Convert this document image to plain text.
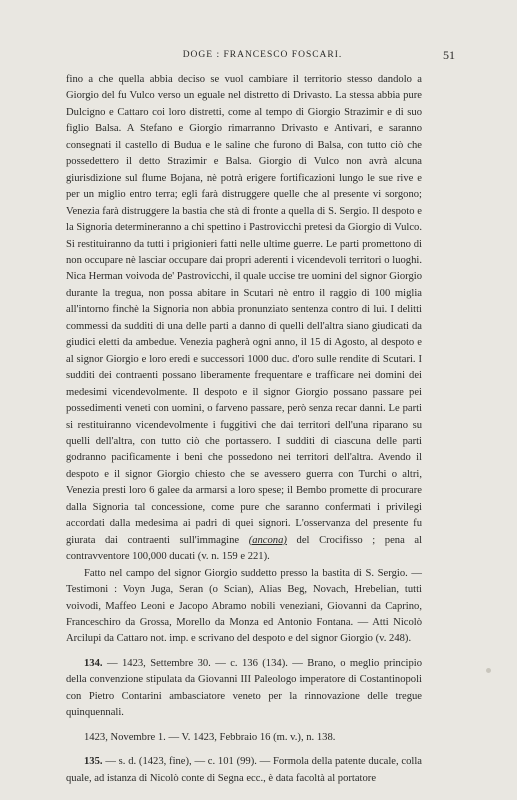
DOGE : FRANCESCO FOSCARI.	51

fino a che quella abbia deciso se vuol cambiare il territorio stesso dandolo a Giorgio del fu Vulco verso un eguale nel distretto di Drivasto. La stessa abbia pure Dulcigno e Cattaro coi loro distretti, come al tempo di Giorgio Strazimir e di suo figlio Balsa. A Stefano e Giorgio rimarranno Drivasto e Antivari, e saranno consegnati il castello di Budua e le saline che furono di Balsa, con tutto ciò che possedettero il detto Strazimir e Balsa. Giorgio di Vulco non avrà alcuna giurisdizione sul flume Bojana, nè potrà erigere fortificazioni lungo le sue rive e per un miglio entro terra; egli farà distruggere quelle che al presente vi sorgono; Venezia farà distruggere la bastia che stà di fronte a quella di S. Sergio. Il despoto e la Signoria determineranno a chi spettino i Pastrovicchi pretesi da Giorgio di Vulco. Si restituiranno da tutti i prigionieri fatti nelle ultime guerre. Le parti promettono di non occupare nè lasciar occupare dai propri aderenti i vicendevoli territori o luoghi. Nica Herman voivoda de' Pastrovicchi, il quale uccise tre uomini del signor Giorgio durante la tregua, non possa abitare in Scutari nè entro il raggio di 100 miglia all'intorno finchè la Signoria non abbia pronunziato sentenza contro di lui. I delitti commessi da sudditi di una delle parti a danno di quelli dell'altra siano giudicati da giudici eletti da ambedue. Venezia pagherà ogni anno, il 15 di Agosto, al despoto e al signor Giorgio e loro eredi e successori 1000 duc. d'oro sulle rendite di Scutari. I sudditi dei contraenti possano liberamente frequentare e trafficare nei domini dei medesimi vicendevolmente. Il despoto e il signor Giorgio possano passare pei possedimenti veneti con uomini, o farveno passare, però senza recar danni. Le parti si restituiranno vicendevolmente i fuggitivi che dai territori dell'una riparano su quelli dell'altra, con tutto ciò che portassero. I sudditi di ciascuna delle parti godranno pacificamente i beni che possedono nei territori dell'altra. Avendo il despoto e il signor Giorgio chiesto che se avessero guerra con Turchi o altri, Venezia presti loro 6 galee da armarsi a loro spese; il Bembo promette di procurare dalla Signoria tal concessione, come pure che saranno confermati i privilegi accordati dalla medesima ai padri di quei signori. L'osservanza del presente fu giurata dai contraenti sull'immagine (ancona) del Crocifisso ; pena al contravventore 100,000 ducati (v. n. 159 e 221).

Fatto nel campo del signor Giorgio suddetto presso la bastita di S. Sergio. — Testimoni : Voyn Juga, Seran (o Scian), Alias Beg, Novach, Hrebelian, tutti voivodi, Maffeo Leoni e Jacopo Abramo nobili veneziani, Giovanni da Caprino, Franceschiro da Grossa, Morello da Monza ed Antonio Fontana. — Atti Nicolò Arcilupi da Cattaro not. imp. e scrivano del despoto e del signor Giorgio (v. 248).

134. — 1423, Settembre 30. — c. 136 (134). — Brano, o meglio principio della convenzione stipulata da Giovanni III Paleologo imperatore di Costantinopoli con Pietro Contarini ambasciatore veneto per la rinnovazione delle tregue quinquennali.

1423, Novembre 1. — V. 1423, Febbraio 16 (m. v.), n. 138.

135. — s. d. (1423, fine), — c. 101 (99). — Formola della patente ducale, colla quale, ad istanza di Nicolò conte di Segna ecc., è data facoltà al portatore
